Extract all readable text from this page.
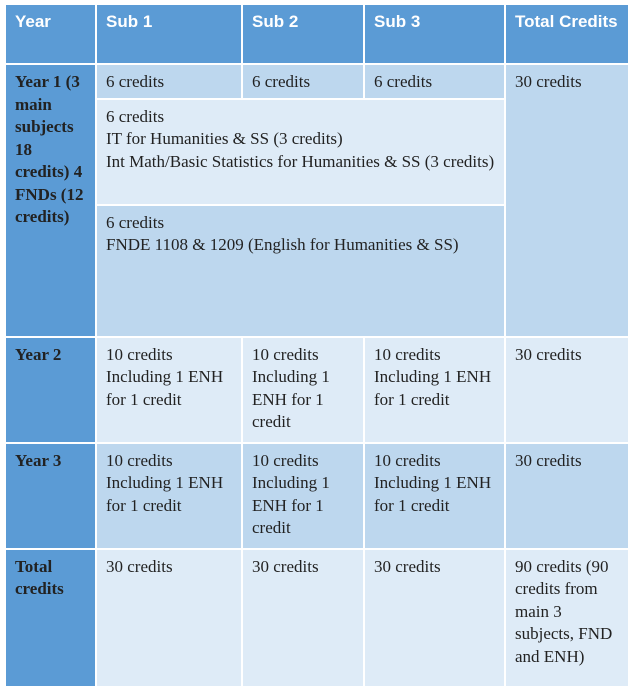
Year	Sub 1	Sub 2	Sub 3	Total Credits
Year 1 (3 main subjects 18 credits) 4 FNDs (12 credits)	6 credits	6 credits	6 credits	30 credits

	6 credits
IT for Humanities & SS (3 credits)
Int Math/Basic Statistics for Humanities & SS (3 credits)			

	6 credits
FNDE 1108 & 1209 (English for Humanities & SS)			

Year 2	10 credits Including 1 ENH for 1 credit	10 credits Including 1 ENH for 1 credit	10 credits Including 1 ENH for 1 credit	30 credits
Year 3	10 credits Including 1 ENH for 1 credit	10 credits Including 1 ENH for 1 credit	10 credits Including 1 ENH for 1 credit	30 credits
Total credits	30 credits	30 credits	30 credits	90 credits (90 credits from main 3 subjects, FND and ENH)
